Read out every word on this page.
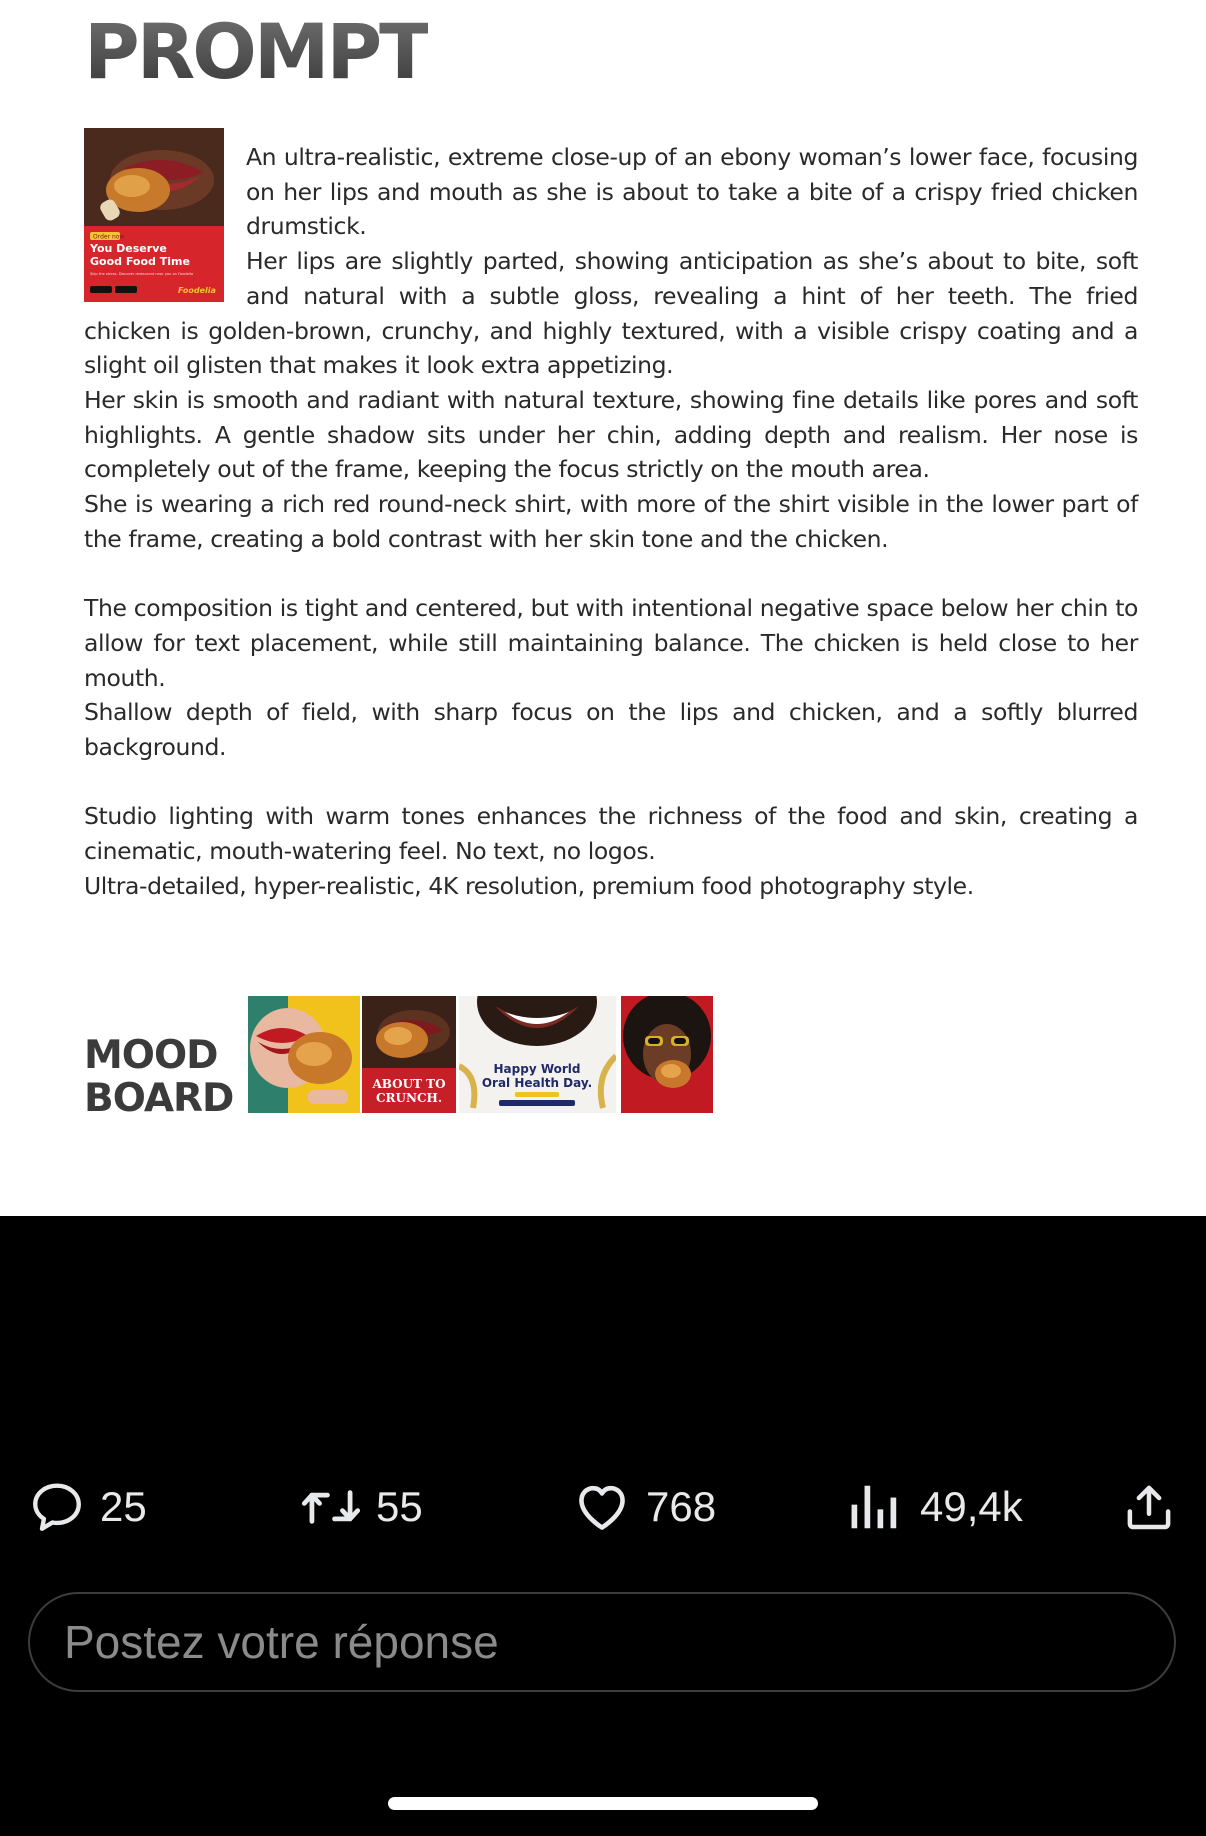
PROMPT
Order now
You Deserve
Good Food Time
Skip the stress. Discover restaurant near you on Foodelia
Foodelia

An ultra-realistic, extreme close-up of an ebony woman’s lower face, focusing on her lips and mouth as she is about to take a bite of a crispy fried chicken drumstick.

Her lips are slightly parted, showing anticipation as she’s about to bite, soft and natural with a subtle gloss, revealing a hint of her teeth. The fried chicken is golden-brown, crunchy, and highly textured, with a visible crispy coating and a slight oil glisten that makes it look extra appetizing.

Her skin is smooth and radiant with natural texture, showing fine details like pores and soft highlights. A gentle shadow sits under her chin, adding depth and realism. Her nose is completely out of the frame, keeping the focus strictly on the mouth area.

She is wearing a rich red round-neck shirt, with more of the shirt visible in the lower part of the frame, creating a bold contrast with her skin tone and the chicken.

The composition is tight and centered, but with intentional negative space below her chin to allow for text placement, while still maintaining balance. The chicken is held close to her mouth.

Shallow depth of field, with sharp focus on the lips and chicken, and a softly blurred background.

Studio lighting with warm tones enhances the richness of the food and skin, creating a cinematic, mouth-watering feel. No text, no logos.

Ultra-detailed, hyper-realistic, 4K resolution, premium food photography style.

MOOD
BOARD	ABOUT TO
CRUNCH.
Happy World
Oral Health Day.
25	55	768	49,4k
Postez votre réponse
